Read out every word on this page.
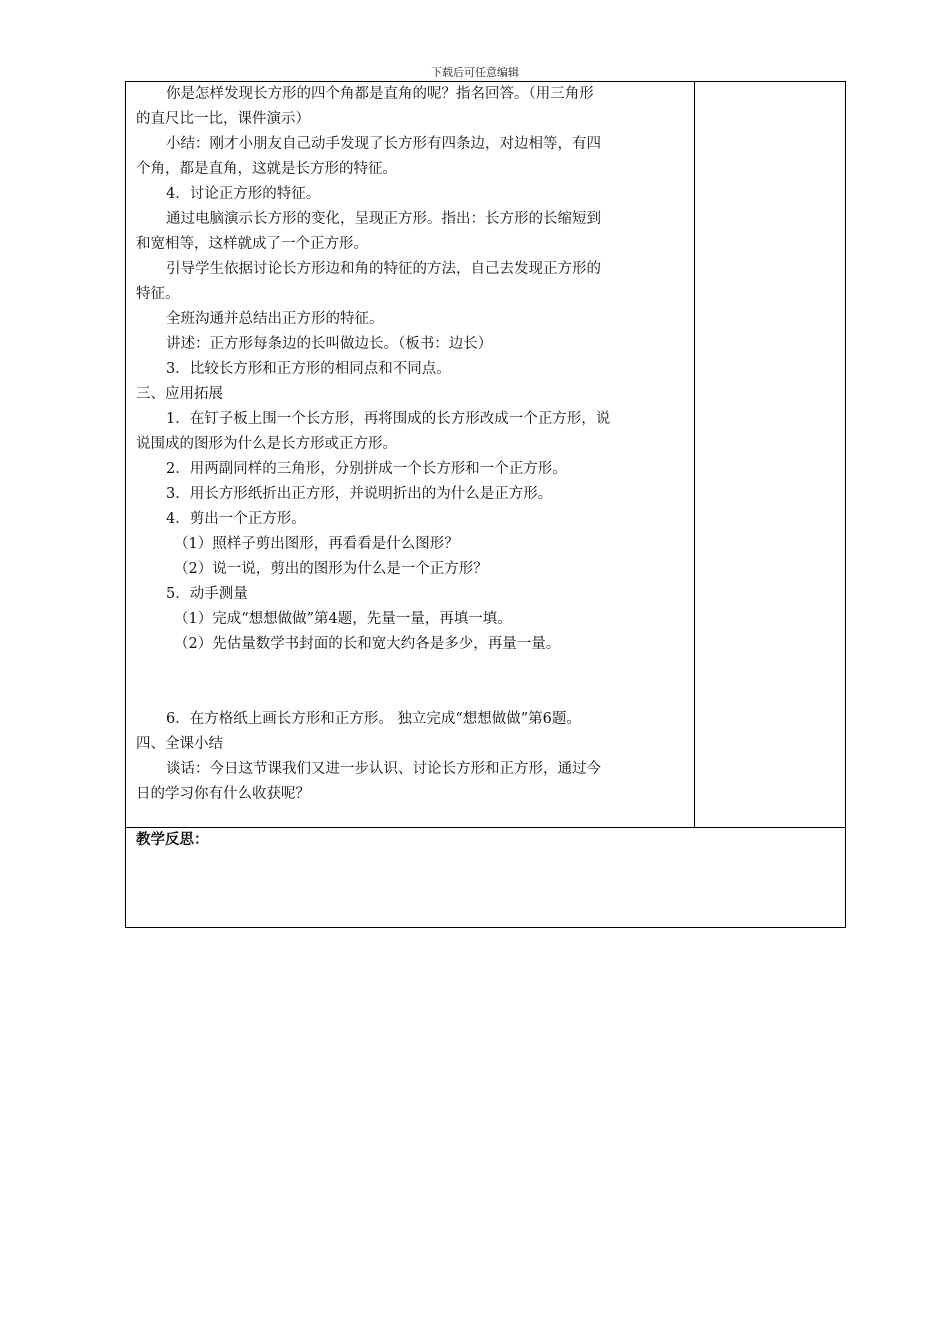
下载后可任意编辑
你是怎样发现长方形的四个角都是直角的呢？指名回答。（用三角形
的直尺比一比，课件演示）
小结：刚才小朋友自己动手发现了长方形有四条边，对边相等，有四
个角，都是直角，这就是长方形的特征。
4．讨论正方形的特征。
通过电脑演示长方形的变化，呈现正方形。指出：长方形的长缩短到
和宽相等，这样就成了一个正方形。
引导学生依据讨论长方形边和角的特征的方法，自己去发现正方形的
特征。
全班沟通并总结出正方形的特征。
讲述：正方形每条边的长叫做边长。（板书：边长）
3．比较长方形和正方形的相同点和不同点。
三、应用拓展
1．在钉子板上围一个长方形，再将围成的长方形改成一个正方形，说
说围成的图形为什么是长方形或正方形。
2．用两副同样的三角形，分别拼成一个长方形和一个正方形。
3．用长方形纸折出正方形，并说明折出的为什么是正方形。
4．剪出一个正方形。
（1）照样子剪出图形，再看看是什么图形？
（2）说一说，剪出的图形为什么是一个正方形？
5．动手测量
（1）完成“想想做做”第4题，先量一量，再填一填。
（2）先估量数学书封面的长和宽大约各是多少，再量一量。
6．在方格纸上画长方形和正方形。 独立完成“想想做做”第6题。
四、全课小结
谈话：今日这节课我们又进一步认识、讨论长方形和正方形，通过今
日的学习你有什么收获呢？
教学反思：
